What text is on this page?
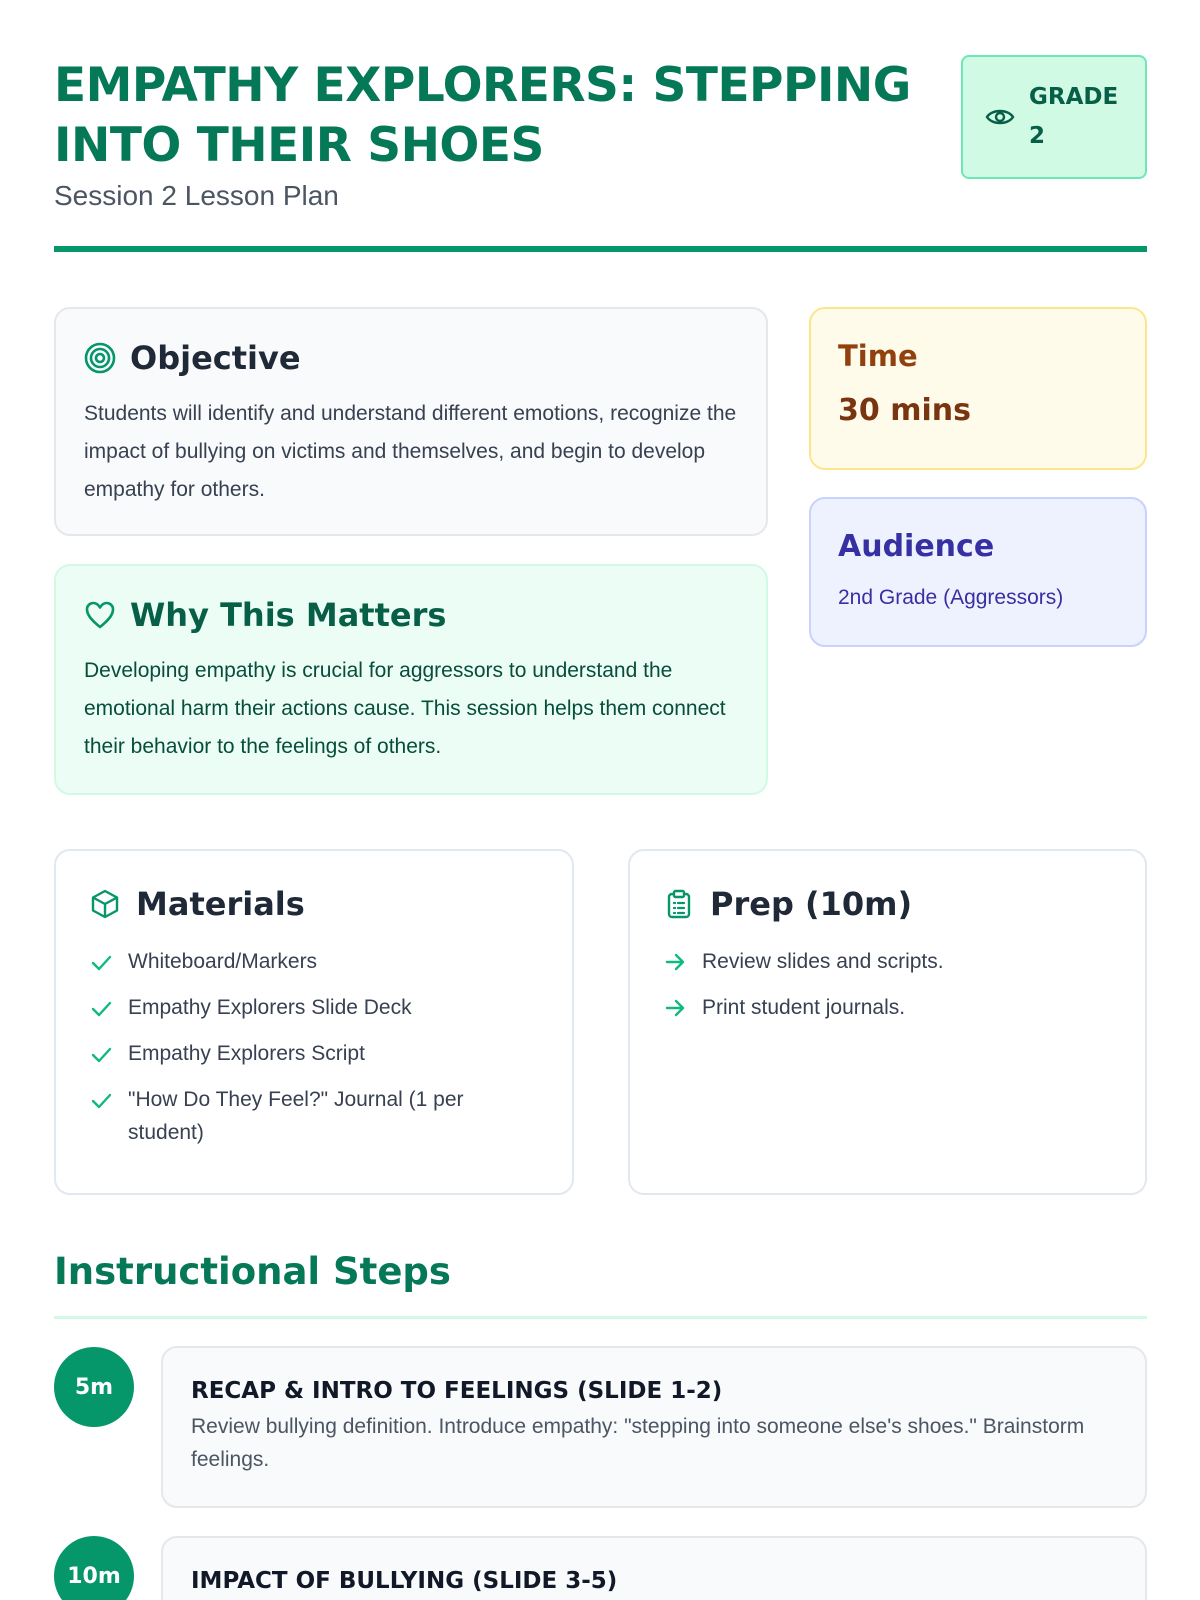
EMPATHY EXPLORERS: STEPPING INTO THEIR SHOES
Session 2 Lesson Plan
GRADE
2
Objective

Students will identify and understand different emotions, recognize the impact of bullying on victims and themselves, and begin to develop empathy for others.

Why This Matters

Developing empathy is crucial for aggressors to understand the emotional harm their actions cause. This session helps them connect their behavior to the feelings of others.

Time
30 mins
Audience
2nd Grade (Aggressors)
Materials
Whiteboard/Markers
Empathy Explorers Slide Deck
Empathy Explorers Script
"How Do They Feel?" Journal (1 per student)
Prep (10m)
Review slides and scripts.
Print student journals.
Instructional Steps
5m	RECAP & INTRO TO FEELINGS (SLIDE 1-2)

Review bullying definition. Introduce empathy: "stepping into someone else's shoes." Brainstorm feelings.

10m	IMPACT OF BULLYING (SLIDE 3-5)
